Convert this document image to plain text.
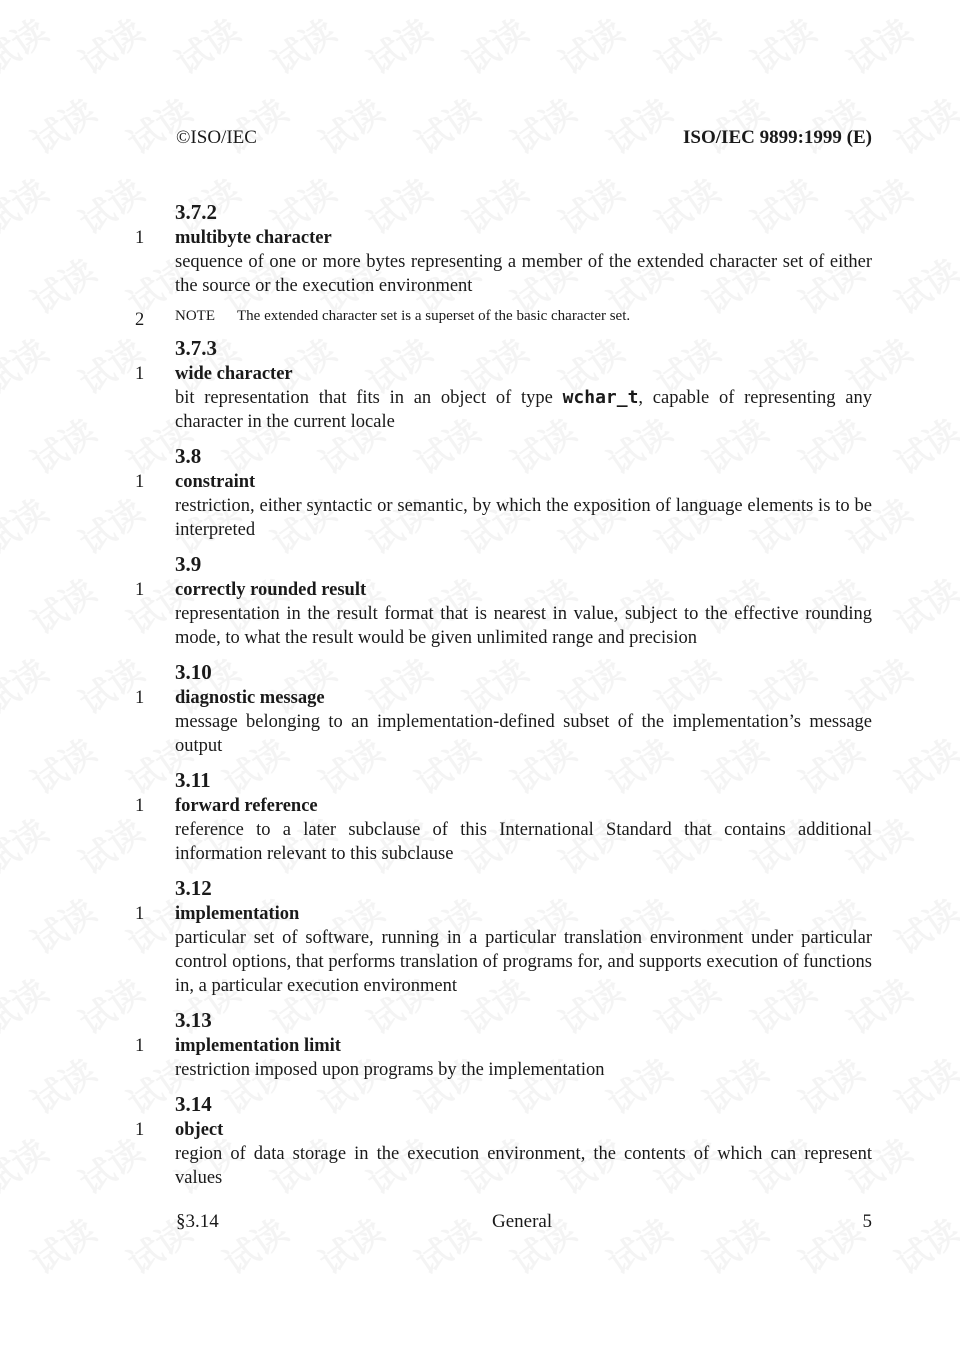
©ISO/IEC	ISO/IEC 9899:1999 (E)
3.7.2
1 multibyte character
sequence of one or more bytes representing a member of the extended character set of either the source or the execution environment
2 NOTE The extended character set is a superset of the basic character set.
3.7.3
1 wide character
bit representation that fits in an object of type wchar_t, capable of representing any character in the current locale
3.8
1 constraint
restriction, either syntactic or semantic, by which the exposition of language elements is to be interpreted
3.9
1 correctly rounded result
representation in the result format that is nearest in value, subject to the effective rounding mode, to what the result would be given unlimited range and precision
3.10
1 diagnostic message
message belonging to an implementation-defined subset of the implementation’s message output
3.11
1 forward reference
reference to a later subclause of this International Standard that contains additional information relevant to this subclause
3.12
1 implementation
particular set of software, running in a particular translation environment under particular control options, that performs translation of programs for, and supports execution of functions in, a particular execution environment
3.13
1 implementation limit
restriction imposed upon programs by the implementation
3.14
1 object
region of data storage in the execution environment, the contents of which can represent values
§3.14	General	5
